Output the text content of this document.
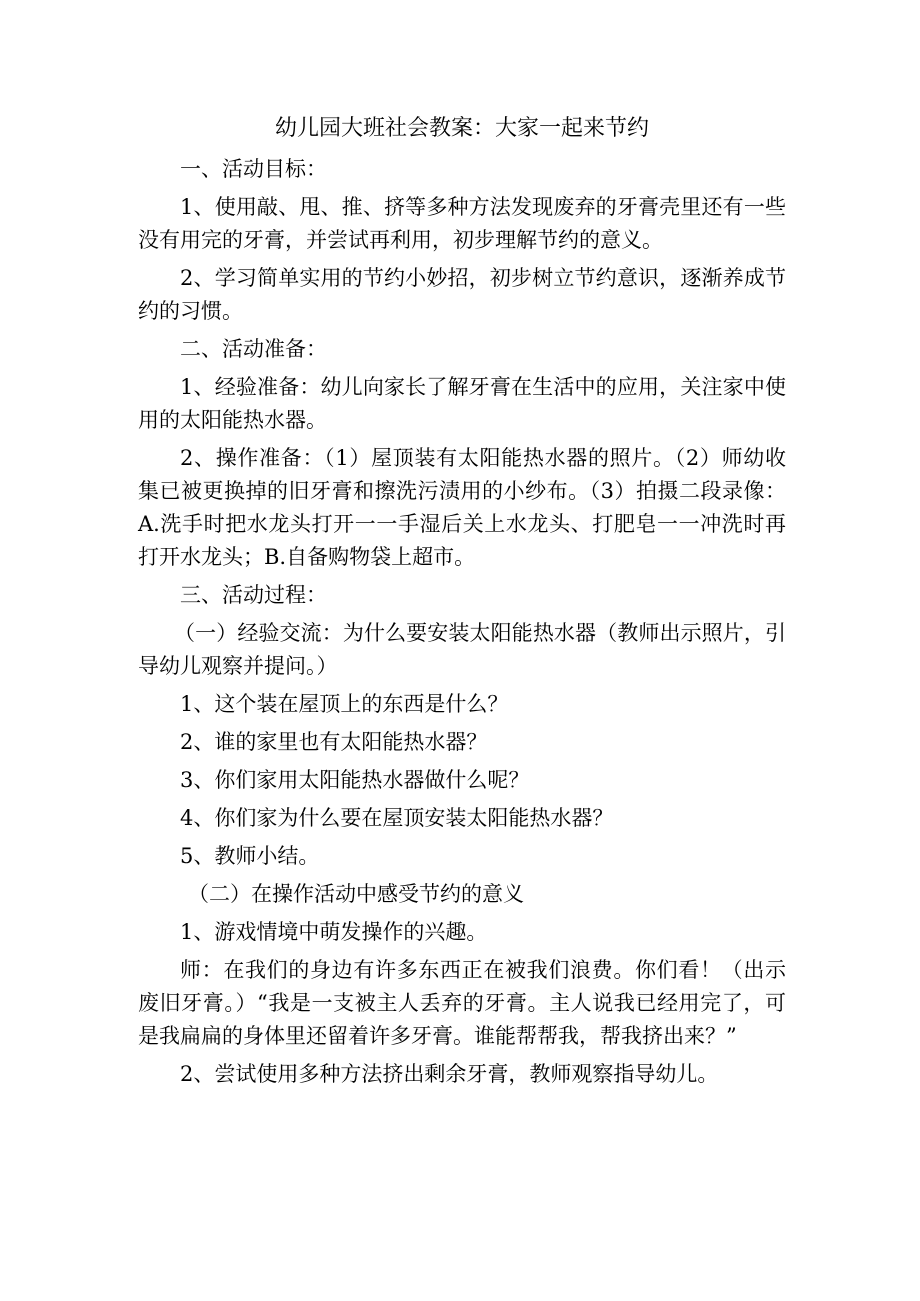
幼儿园大班社会教案：大家一起来节约
一、活动目标：

1、使用敲、甩、推、挤等多种方法发现废弃的牙膏壳里还有一些没有用完的牙膏，并尝试再利用，初步理解节约的意义。

2、学习简单实用的节约小妙招，初步树立节约意识，逐渐养成节约的习惯。

二、活动准备：

1、经验准备：幼儿向家长了解牙膏在生活中的应用，关注家中使用的太阳能热水器。

2、操作准备：（1）屋顶装有太阳能热水器的照片。（2）师幼收集已被更换掉的旧牙膏和擦洗污渍用的小纱布。（3）拍摄二段录像：A.洗手时把水龙头打开一一手湿后关上水龙头、打肥皂一一冲洗时再打开水龙头；B.自备购物袋上超市。

三、活动过程：

（一）经验交流：为什么要安装太阳能热水器（教师出示照片，引导幼儿观察并提问。）

1、这个装在屋顶上的东西是什么？
2、谁的家里也有太阳能热水器？
3、你们家用太阳能热水器做什么呢？
4、你们家为什么要在屋顶安装太阳能热水器？
5、教师小结。
（二）在操作活动中感受节约的意义
1、游戏情境中萌发操作的兴趣。

师：在我们的身边有许多东西正在被我们浪费。你们看！（出示废旧牙膏。）“我是一支被主人丢弃的牙膏。主人说我已经用完了，可是我扁扁的身体里还留着许多牙膏。谁能帮帮我，帮我挤出来？”

2、尝试使用多种方法挤出剩余牙膏，教师观察指导幼儿。
